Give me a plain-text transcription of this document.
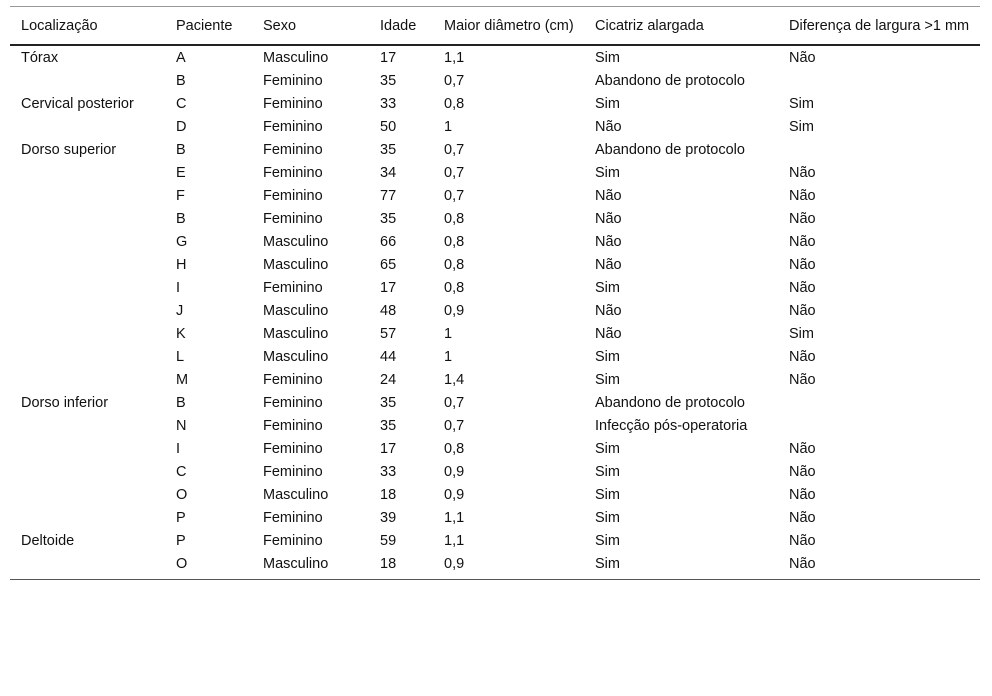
Localização	Paciente	Sexo	Idade	Maior diâmetro (cm)	Cicatriz alargada	Diferença de largura ˃1 mm
Tórax	A	Masculino	17	1,1	Sim	Não
	B	Feminino	35	0,7	Abandono de protocolo	
Cervical posterior	C	Feminino	33	0,8	Sim	Sim
	D	Feminino	50	1	Não	Sim
Dorso superior	B	Feminino	35	0,7	Abandono de protocolo	
	E	Feminino	34	0,7	Sim	Não
	F	Feminino	77	0,7	Não	Não
	B	Feminino	35	0,8	Não	Não
	G	Masculino	66	0,8	Não	Não
	H	Masculino	65	0,8	Não	Não
	I	Feminino	17	0,8	Sim	Não
	J	Masculino	48	0,9	Não	Não
	K	Masculino	57	1	Não	Sim
	L	Masculino	44	1	Sim	Não
	M	Feminino	24	1,4	Sim	Não
Dorso inferior	B	Feminino	35	0,7	Abandono de protocolo	
	N	Feminino	35	0,7	Infecção pós-operatoria	
	I	Feminino	17	0,8	Sim	Não
	C	Feminino	33	0,9	Sim	Não
	O	Masculino	18	0,9	Sim	Não
	P	Feminino	39	1,1	Sim	Não
Deltoide	P	Feminino	59	1,1	Sim	Não
	O	Masculino	18	0,9	Sim	Não
